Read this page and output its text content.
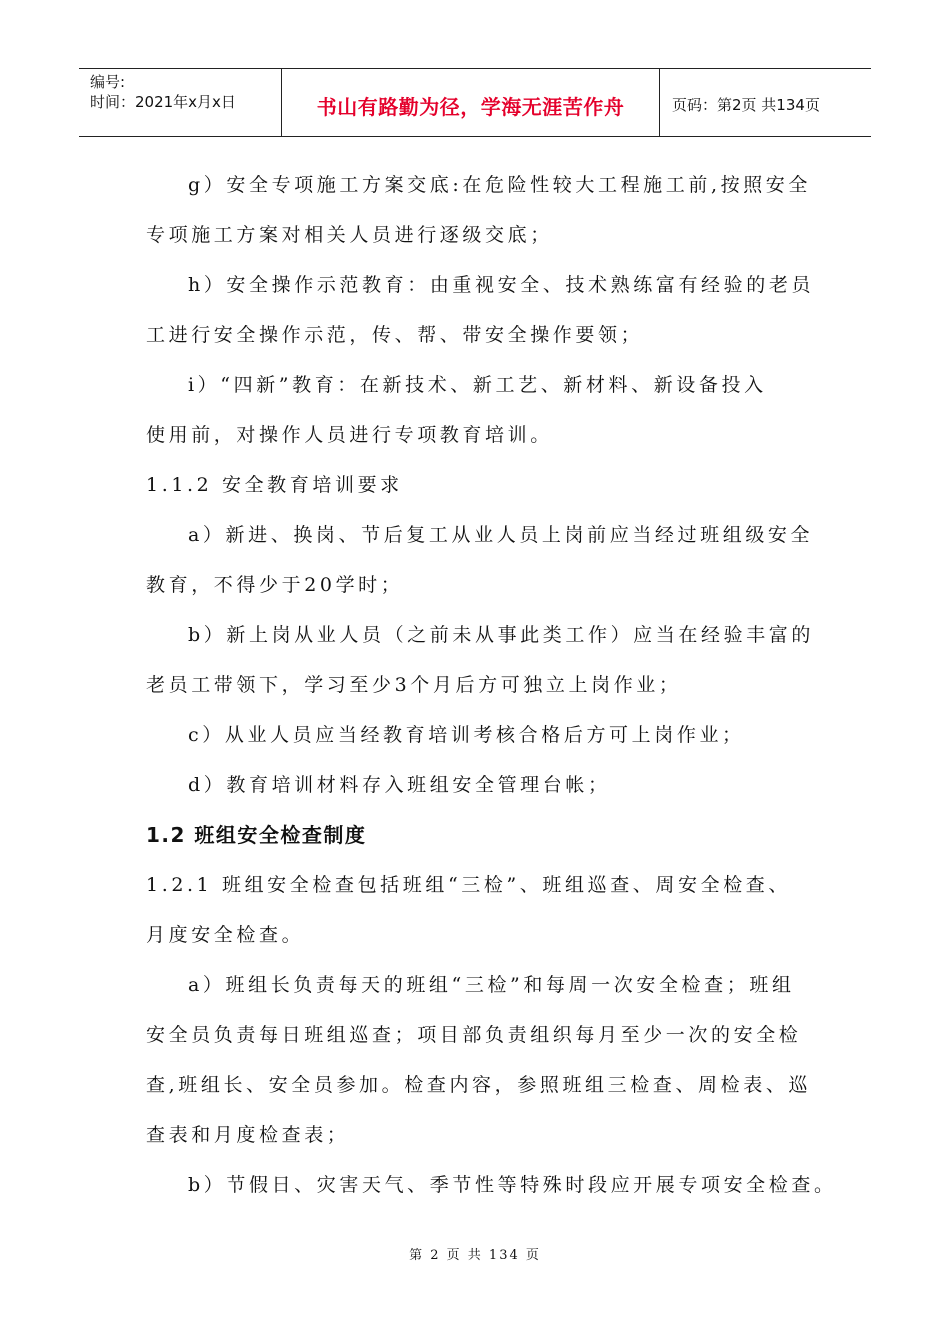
编号:
时间：2021年x月x日	书山有路勤为径，学海无涯苦作舟	页码：第2页 共134页
g）安全专项施工方案交底:在危险性较大工程施工前,按照安全
专项施工方案对相关人员进行逐级交底；
h）安全操作示范教育：由重视安全、技术熟练富有经验的老员
工进行安全操作示范，传、帮、带安全操作要领；
i）“四新”教育：在新技术、新工艺、新材料、新设备投入
使用前，对操作人员进行专项教育培训。
1.1.2 安全教育培训要求
a）新进、换岗、节后复工从业人员上岗前应当经过班组级安全
教育，不得少于20学时；
b）新上岗从业人员（之前未从事此类工作）应当在经验丰富的
老员工带领下，学习至少3个月后方可独立上岗作业；
c）从业人员应当经教育培训考核合格后方可上岗作业；
d）教育培训材料存入班组安全管理台帐；
1.2 班组安全检查制度
1.2.1 班组安全检查包括班组“三检”、班组巡查、周安全检查、
月度安全检查。
a）班组长负责每天的班组“三检”和每周一次安全检查；班组
安全员负责每日班组巡查；项目部负责组织每月至少一次的安全检
查,班组长、安全员参加。检查内容，参照班组三检查、周检表、巡
查表和月度检查表；
b）节假日、灾害天气、季节性等特殊时段应开展专项安全检查。
第 2 页 共 134 页
